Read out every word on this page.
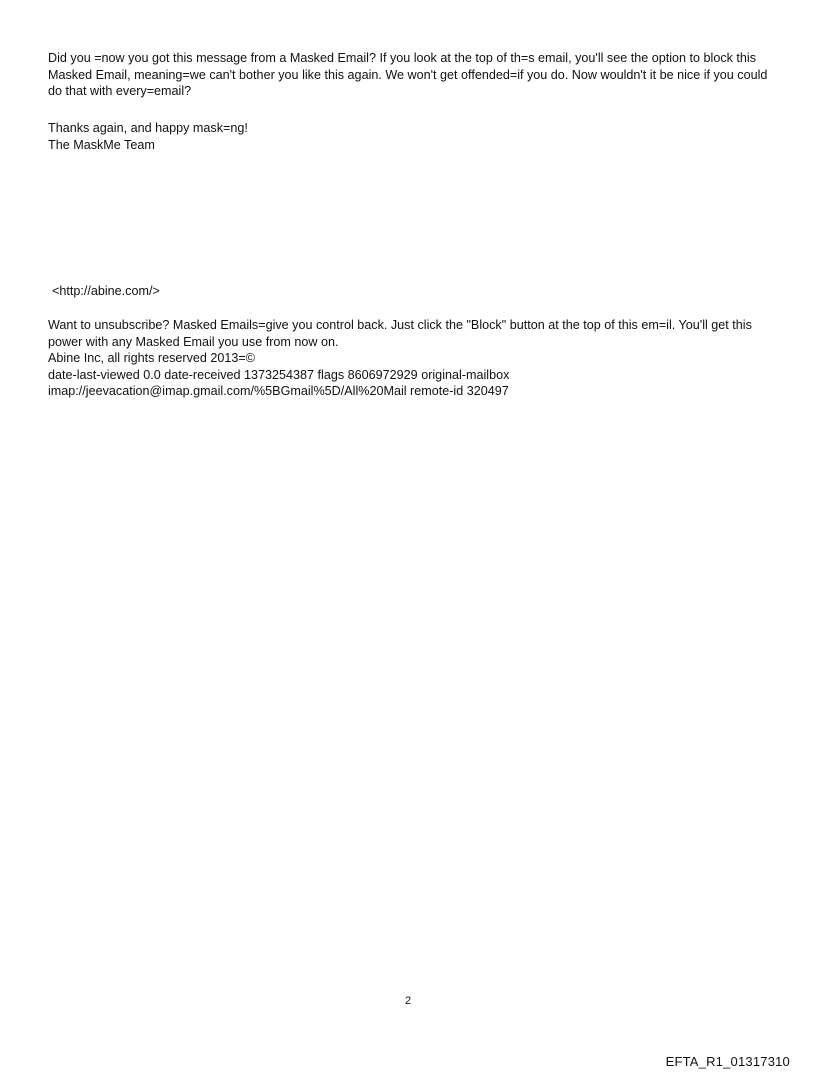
Did you =now you got this message from a Masked Email? If you look at the top of th=s email, you'll see the option to block this Masked Email, meaning=we can't bother you like this again. We won't get offended=if you do. Now wouldn't it be nice if you could do that with every=email?

Thanks again, and happy mask=ng!

The MaskMe Team

<http://abine.com/>

Want to unsubscribe? Masked Emails=give you control back. Just click the "Block" button at the top of this em=il. You'll get this power with any Masked Email you use from now on.

Abine Inc, all rights reserved 2013=©

date-last-viewed 0.0 date-received 1373254387 flags 8606972929 original-mailbox

imap://jeevacation@imap.gmail.com/%5BGmail%5D/All%20Mail remote-id 320497

2
EFTA_R1_01317310
